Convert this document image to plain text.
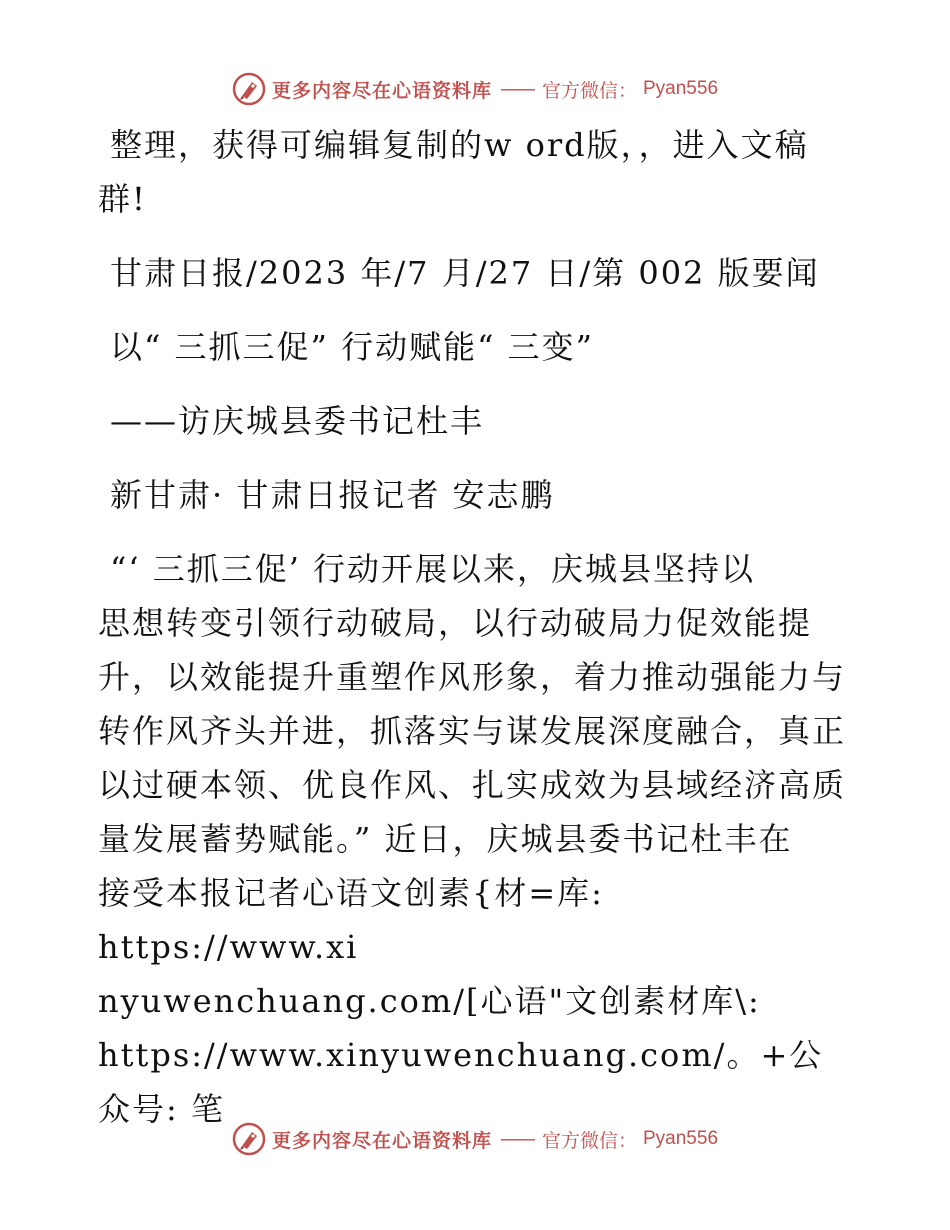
更多内容尽在心语资料库 —— 官方微信： Pyan556

整理，获得可编辑复制的w ord版，，进入文稿

群!

甘肃日报/2023 年/7 月/27 日/第 002 版要闻

以“ 三抓三促” 行动赋能“ 三变”

——访庆城县委书记杜丰

新甘肃· 甘肃日报记者 安志鹏

“‘ 三抓三促’ 行动开展以来，庆城县坚持以

思想转变引领行动破局，以行动破局力促效能提

升，以效能提升重塑作风形象，着力推动强能力与

转作风齐头并进，抓落实与谋发展深度融合，真正

以过硬本领、优良作风、扎实成效为县域经济高质

量发展蓄势赋能。” 近日，庆城县委书记杜丰在

接受本报记者心语文创素{材=库: https://www.xi

nyuwenchuang.com/[心语"文创素材库\:

https://www.xinyuwenchuang.com/。+公众号: 笔

更多内容尽在心语资料库 —— 官方微信： Pyan556
